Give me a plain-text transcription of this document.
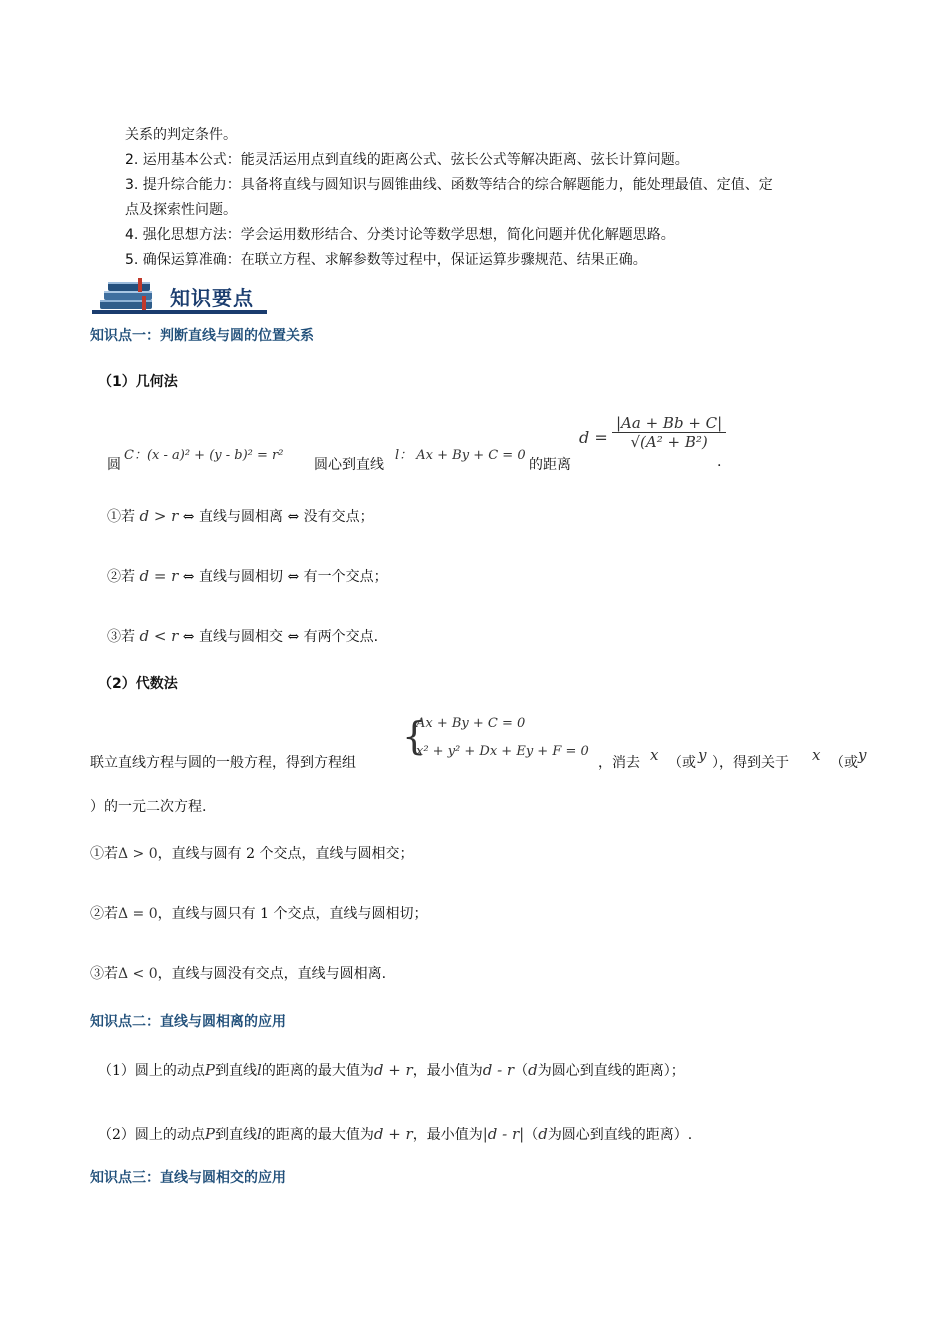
关系的判定条件。
2. 运用基本公式：能灵活运用点到直线的距离公式、弦长公式等解决距离、弦长计算问题。
3. 提升综合能力：具备将直线与圆知识与圆锥曲线、函数等结合的综合解题能力，能处理最值、定值、定
点及探索性问题。
4. 强化思想方法：学会运用数形结合、分类讨论等数学思想，简化问题并优化解题思路。
5. 确保运算准确：在联立方程、求解参数等过程中，保证运算步骤规范、结果正确。
知识要点
知识点一：判断直线与圆的位置关系
（1）几何法
圆
C：(x - a)² + (y - b)² = r²
圆心到直线
l： Ax + By + C = 0
的距离
$d = \frac{|Aa + Bb + C|}{\text{√(A² + B²)}}$
.
①若 d > r ⇔ 直线与圆相离 ⇔ 没有交点；
②若 d = r ⇔ 直线与圆相切 ⇔ 有一个交点；
③若 d < r ⇔ 直线与圆相交 ⇔ 有两个交点.
（2）代数法
联立直线方程与圆的一般方程，得到方程组
{
Ax + By + C = 0
x² + y² + Dx + Ey + F = 0
，消去 x （或 y ），得到关于 x （或 y
）的一元二次方程.
①若Δ > 0，直线与圆有 2 个交点，直线与圆相交；
②若Δ = 0，直线与圆只有 1 个交点，直线与圆相切；
③若Δ < 0，直线与圆没有交点，直线与圆相离.
知识点二：直线与圆相离的应用
（1）圆上的动点P到直线l的距离的最大值为d + r，最小值为d - r（d为圆心到直线的距离）；
（2）圆上的动点P到直线l的距离的最大值为d + r，最小值为|d - r|（d为圆心到直线的距离）.
知识点三：直线与圆相交的应用
